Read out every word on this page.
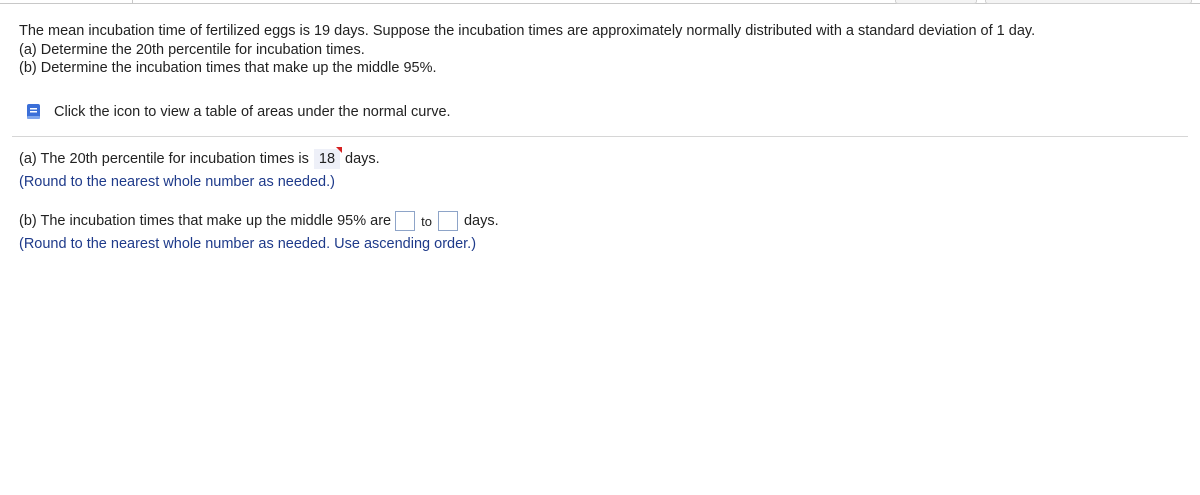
The mean incubation time of fertilized eggs is 19 days. Suppose the incubation times are approximately normally distributed with a standard deviation of 1 day.

(a) Determine the 20th percentile for incubation times.

(b) Determine the incubation times that make up the middle 95%.

Click the icon to view a table of areas under the normal curve.
(a) The 20th percentile for incubation times is 18 days.
(Round to the nearest whole number as needed.)
(b) The incubation times that make up the middle 95% are to days.
(Round to the nearest whole number as needed. Use ascending order.)
